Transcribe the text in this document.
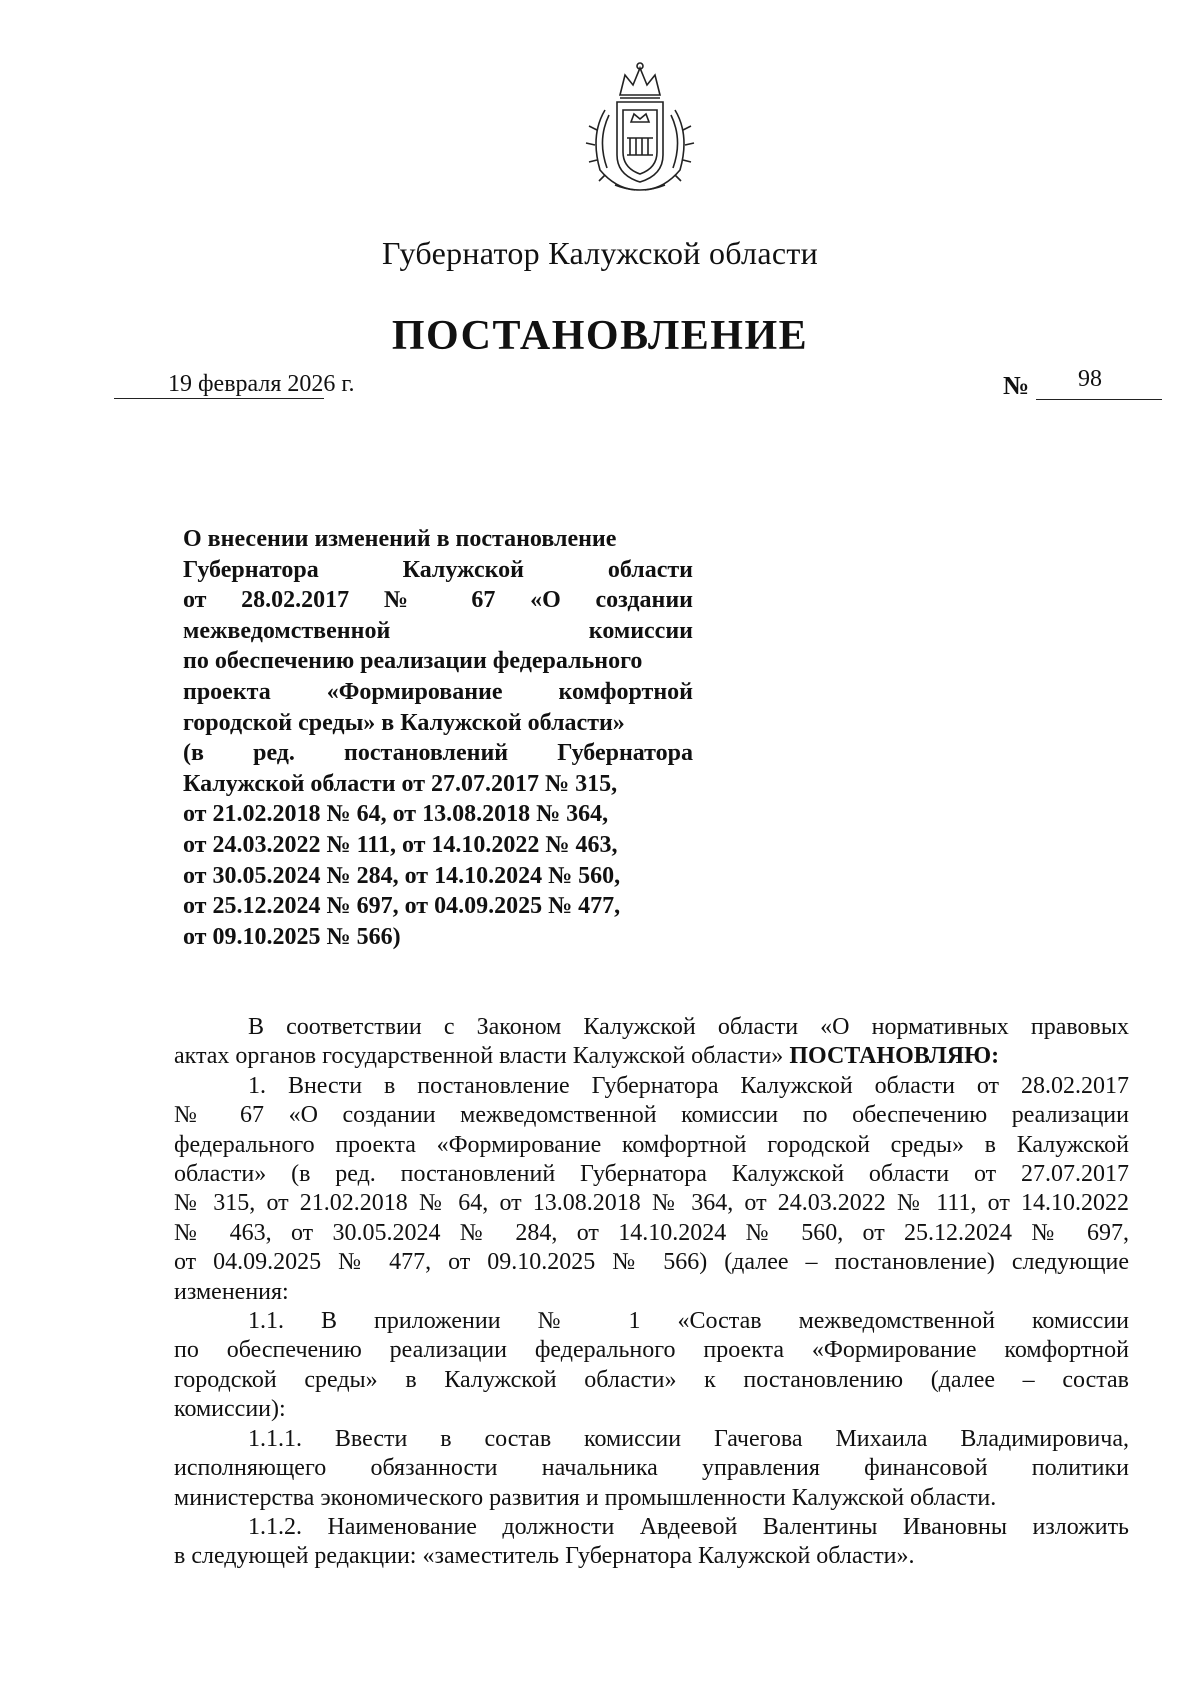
Губернатор Калужской области
ПОСТАНОВЛЕНИЕ
19 февраля 2026 г.	№ 98
О внесении изменений в постановление
Губернатора Калужской области
от 28.02.2017 № 67 «О создании
межведомственной комиссии
по обеспечению реализации федерального
проекта «Формирование комфортной
городской среды» в Калужской области»
(в ред. постановлений Губернатора
Калужской области от 27.07.2017 № 315,
от 21.02.2018 № 64, от 13.08.2018 № 364,
от 24.03.2022 № 111, от 14.10.2022 № 463,
от 30.05.2024 № 284, от 14.10.2024 № 560,
от 25.12.2024 № 697, от 04.09.2025 № 477,
от 09.10.2025 № 566)
В соответствии с Законом Калужской области «О нормативных правовых
актах органов государственной власти Калужской области» ПОСТАНОВЛЯЮ:
1. Внести в постановление Губернатора Калужской области от 28.02.2017
№ 67 «О создании межведомственной комиссии по обеспечению реализации
федерального проекта «Формирование комфортной городской среды» в Калужской
области» (в ред. постановлений Губернатора Калужской области от 27.07.2017
№ 315, от 21.02.2018 № 64, от 13.08.2018 № 364, от 24.03.2022 № 111, от 14.10.2022
№ 463, от 30.05.2024 № 284, от 14.10.2024 № 560, от 25.12.2024 № 697,
от 04.09.2025 № 477, от 09.10.2025 № 566) (далее – постановление) следующие
изменения:
1.1. В приложении № 1 «Состав межведомственной комиссии
по обеспечению реализации федерального проекта «Формирование комфортной
городской среды» в Калужской области» к постановлению (далее – состав
комиссии):
1.1.1. Ввести в состав комиссии Гачегова Михаила Владимировича,
исполняющего обязанности начальника управления финансовой политики
министерства экономического развития и промышленности Калужской области.
1.1.2. Наименование должности Авдеевой Валентины Ивановны изложить
в следующей редакции: «заместитель Губернатора Калужской области».
